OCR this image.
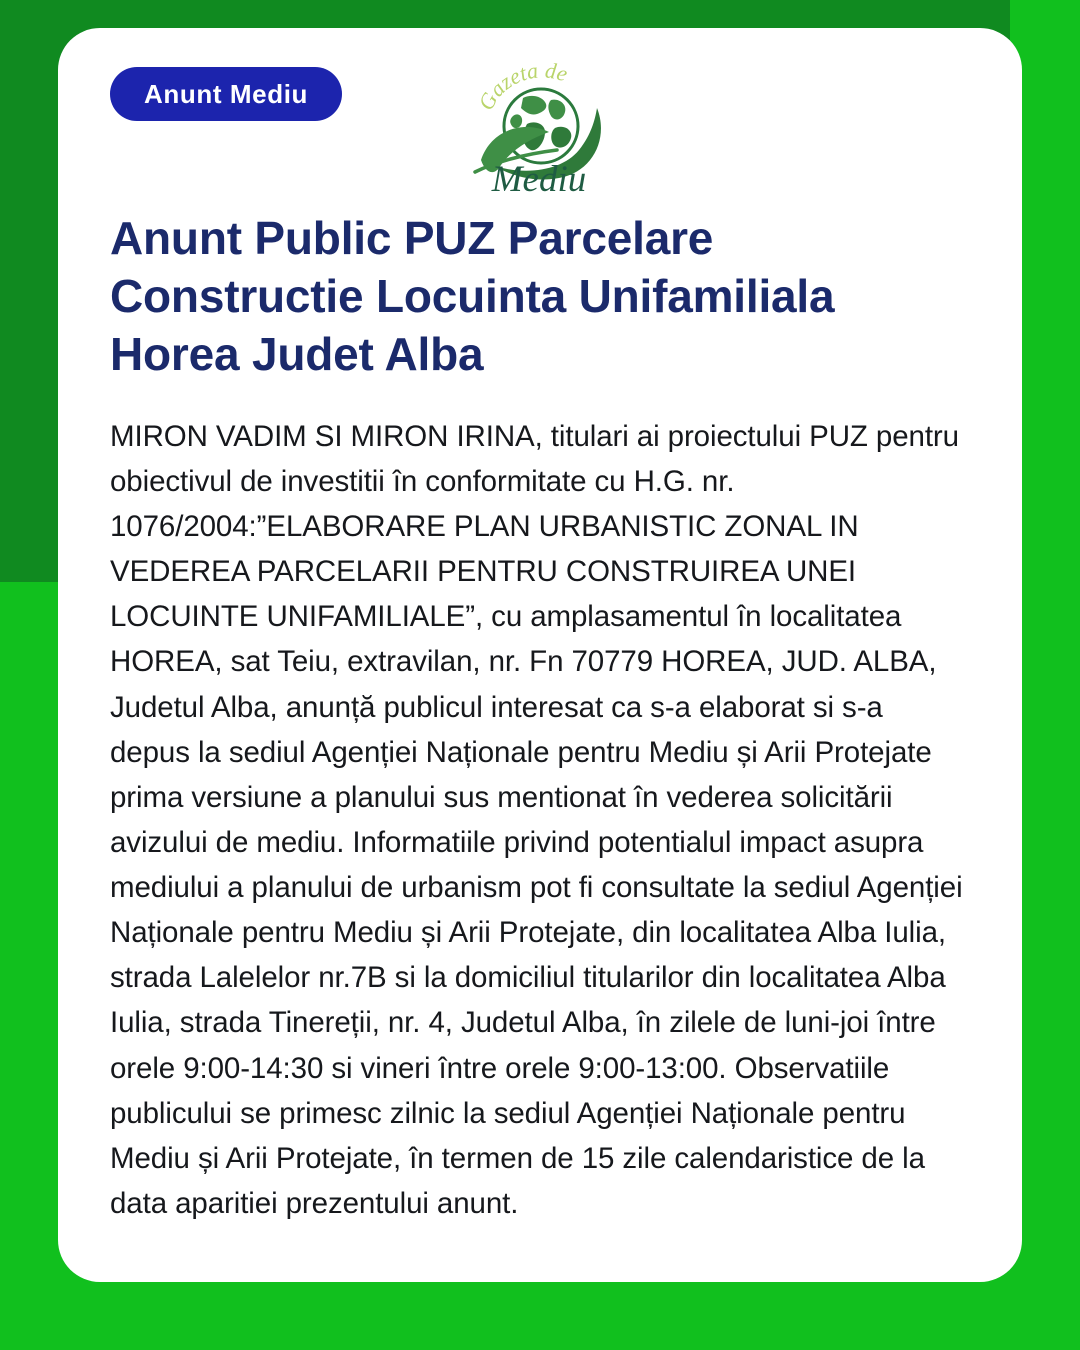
Anunt Mediu	Gazeta de
Mediu
Anunt Public PUZ Parcelare Constructie Locuinta Unifamiliala Horea Judet Alba
MIRON VADIM SI MIRON IRINA, titulari ai proiectului PUZ pentru obiectivul de investitii în conformitate cu H.G. nr. 1076/2004:”ELABORARE PLAN URBANISTIC ZONAL IN VEDEREA PARCELARII PENTRU CONSTRUIREA UNEI LOCUINTE UNIFAMILIALE”, cu amplasamentul în localitatea HOREA, sat Teiu, extravilan, nr. Fn 70779 HOREA, JUD. ALBA, Judetul Alba, anunță publicul interesat ca s-a elaborat si s-a depus la sediul Agenției Naționale pentru Mediu și Arii Protejate prima versiune a planului sus mentionat în vederea solicitării avizului de mediu. Informatiile privind potentialul impact asupra mediului a planului de urbanism pot fi consultate la sediul Agenției Naționale pentru Mediu și Arii Protejate, din localitatea Alba Iulia, strada Lalelelor nr.7B si la domiciliul titularilor din localitatea Alba Iulia, strada Tinereții, nr. 4, Judetul Alba, în zilele de luni-joi între orele 9:00-14:30 si vineri între orele 9:00-13:00. Observatiile publicului se primesc zilnic la sediul Agenției Naționale pentru Mediu și Arii Protejate, în termen de 15 zile calendaristice de la data aparitiei prezentului anunt.
